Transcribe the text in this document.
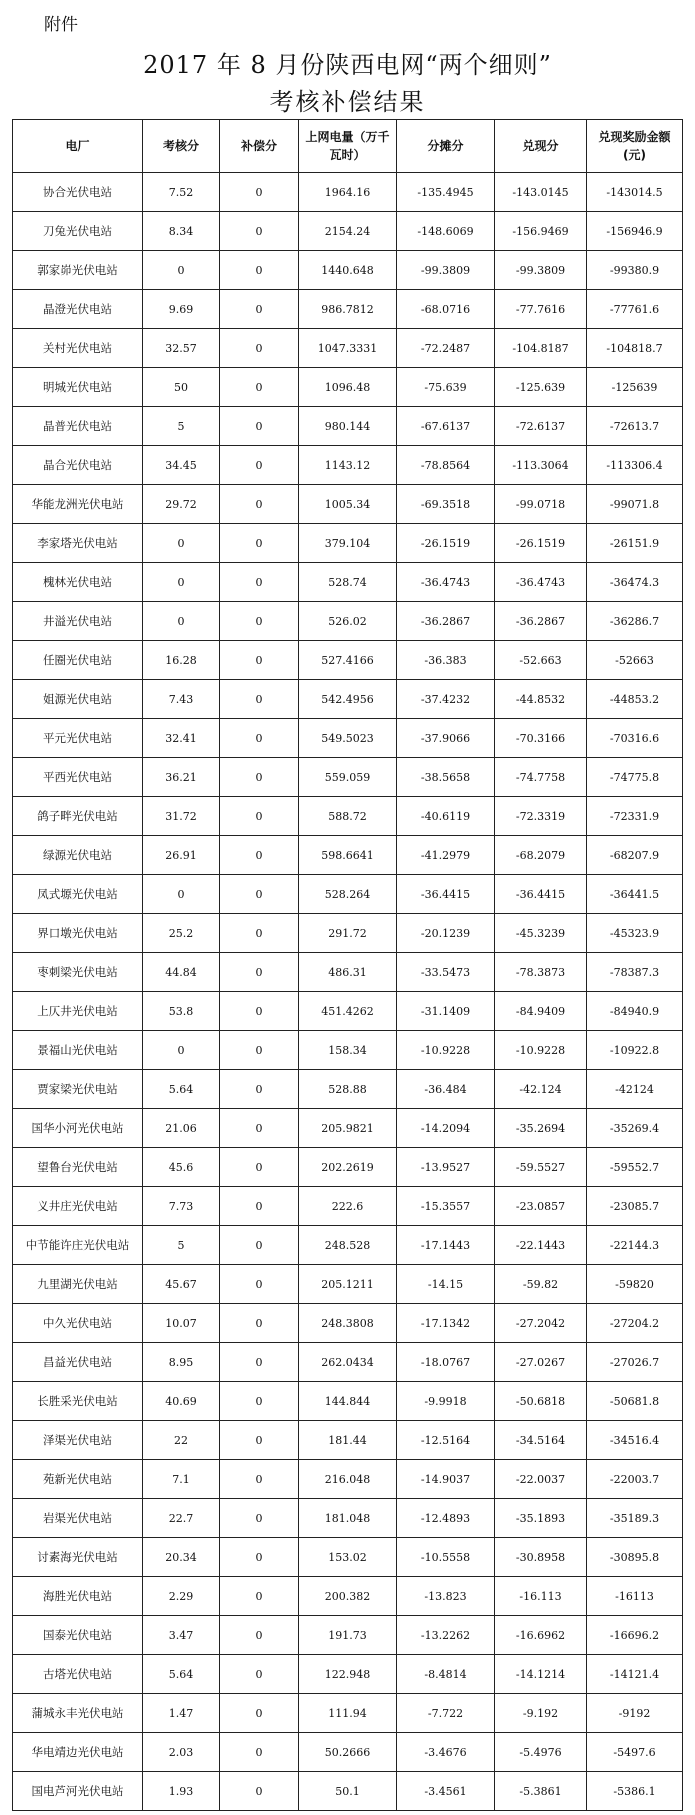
附件
2017 年 8 月份陕西电网“两个细则”
考核补偿结果
电厂	考核分	补偿分	上网电量（万千瓦时）	分摊分	兑现分	兑现奖励金额(元)
协合光伏电站	7.52	0	1964.16	-135.4945	-143.0145	-143014.5
刀兔光伏电站	8.34	0	2154.24	-148.6069	-156.9469	-156946.9
郭家峁光伏电站	0	0	1440.648	-99.3809	-99.3809	-99380.9
晶澄光伏电站	9.69	0	986.7812	-68.0716	-77.7616	-77761.6
关村光伏电站	32.57	0	1047.3331	-72.2487	-104.8187	-104818.7
明城光伏电站	50	0	1096.48	-75.639	-125.639	-125639
晶普光伏电站	5	0	980.144	-67.6137	-72.6137	-72613.7
晶合光伏电站	34.45	0	1143.12	-78.8564	-113.3064	-113306.4
华能龙洲光伏电站	29.72	0	1005.34	-69.3518	-99.0718	-99071.8
李家塔光伏电站	0	0	379.104	-26.1519	-26.1519	-26151.9
槐林光伏电站	0	0	528.74	-36.4743	-36.4743	-36474.3
井溢光伏电站	0	0	526.02	-36.2867	-36.2867	-36286.7
任圈光伏电站	16.28	0	527.4166	-36.383	-52.663	-52663
姐源光伏电站	7.43	0	542.4956	-37.4232	-44.8532	-44853.2
平元光伏电站	32.41	0	549.5023	-37.9066	-70.3166	-70316.6
平西光伏电站	36.21	0	559.059	-38.5658	-74.7758	-74775.8
鸽子畔光伏电站	31.72	0	588.72	-40.6119	-72.3319	-72331.9
绿源光伏电站	26.91	0	598.6641	-41.2979	-68.2079	-68207.9
凤式塬光伏电站	0	0	528.264	-36.4415	-36.4415	-36441.5
界口墩光伏电站	25.2	0	291.72	-20.1239	-45.3239	-45323.9
枣刺梁光伏电站	44.84	0	486.31	-33.5473	-78.3873	-78387.3
上仄井光伏电站	53.8	0	451.4262	-31.1409	-84.9409	-84940.9
景福山光伏电站	0	0	158.34	-10.9228	-10.9228	-10922.8
贾家梁光伏电站	5.64	0	528.88	-36.484	-42.124	-42124
国华小河光伏电站	21.06	0	205.9821	-14.2094	-35.2694	-35269.4
望鲁台光伏电站	45.6	0	202.2619	-13.9527	-59.5527	-59552.7
义井庄光伏电站	7.73	0	222.6	-15.3557	-23.0857	-23085.7
中节能许庄光伏电站	5	0	248.528	-17.1443	-22.1443	-22144.3
九里湖光伏电站	45.67	0	205.1211	-14.15	-59.82	-59820
中久光伏电站	10.07	0	248.3808	-17.1342	-27.2042	-27204.2
昌益光伏电站	8.95	0	262.0434	-18.0767	-27.0267	-27026.7
长胜采光伏电站	40.69	0	144.844	-9.9918	-50.6818	-50681.8
泽渠光伏电站	22	0	181.44	-12.5164	-34.5164	-34516.4
苑新光伏电站	7.1	0	216.048	-14.9037	-22.0037	-22003.7
岩渠光伏电站	22.7	0	181.048	-12.4893	-35.1893	-35189.3
讨素海光伏电站	20.34	0	153.02	-10.5558	-30.8958	-30895.8
海胜光伏电站	2.29	0	200.382	-13.823	-16.113	-16113
国泰光伏电站	3.47	0	191.73	-13.2262	-16.6962	-16696.2
古塔光伏电站	5.64	0	122.948	-8.4814	-14.1214	-14121.4
蒲城永丰光伏电站	1.47	0	111.94	-7.722	-9.192	-9192
华电靖边光伏电站	2.03	0	50.2666	-3.4676	-5.4976	-5497.6
国电芦河光伏电站	1.93	0	50.1	-3.4561	-5.3861	-5386.1
